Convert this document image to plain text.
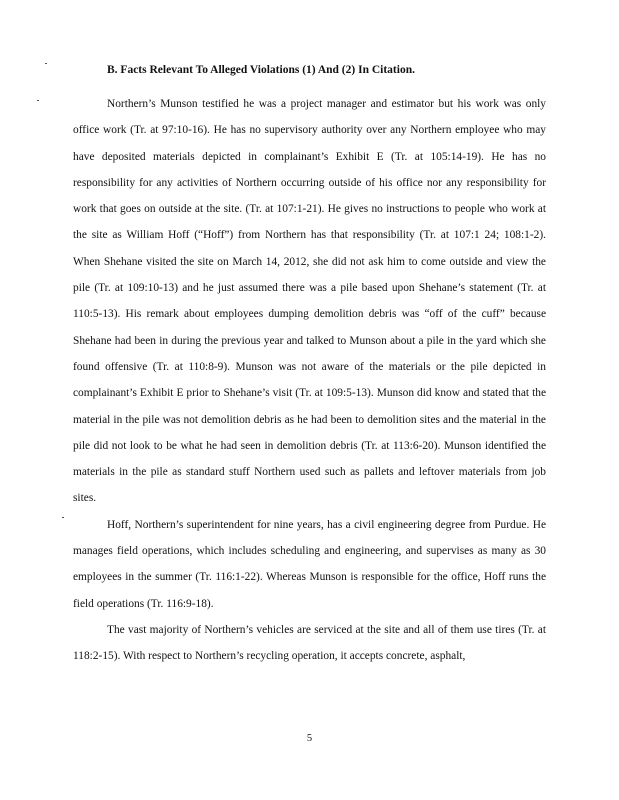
B. Facts Relevant To Alleged Violations (1) And (2) In Citation.

Northern’s Munson testified he was a project manager and estimator but his work was only office work (Tr. at 97:10-16). He has no supervisory authority over any Northern employee who may have deposited materials depicted in complainant’s Exhibit E (Tr. at 105:14-19). He has no responsibility for any activities of Northern occurring outside of his office nor any responsibility for work that goes on outside at the site. (Tr. at 107:1-21). He gives no instructions to people who work at the site as William Hoff (“Hoff”) from Northern has that responsibility (Tr. at 107:1 24; 108:1-2). When Shehane visited the site on March 14, 2012, she did not ask him to come outside and view the pile (Tr. at 109:10-13) and he just assumed there was a pile based upon Shehane’s statement (Tr. at 110:5-13). His remark about employees dumping demolition debris was “off of the cuff” because Shehane had been in during the previous year and talked to Munson about a pile in the yard which she found offensive (Tr. at 110:8-9). Munson was not aware of the materials or the pile depicted in complainant’s Exhibit E prior to Shehane’s visit (Tr. at 109:5-13). Munson did know and stated that the material in the pile was not demolition debris as he had been to demolition sites and the material in the pile did not look to be what he had seen in demolition debris (Tr. at 113:6-20). Munson identified the materials in the pile as standard stuff Northern used such as pallets and leftover materials from job sites.

Hoff, Northern’s superintendent for nine years, has a civil engineering degree from Purdue. He manages field operations, which includes scheduling and engineering, and supervises as many as 30 employees in the summer (Tr. 116:1-22). Whereas Munson is responsible for the office, Hoff runs the field operations (Tr. 116:9-18).

The vast majority of Northern’s vehicles are serviced at the site and all of them use tires (Tr. at 118:2-15). With respect to Northern’s recycling operation, it accepts concrete, asphalt,

5
